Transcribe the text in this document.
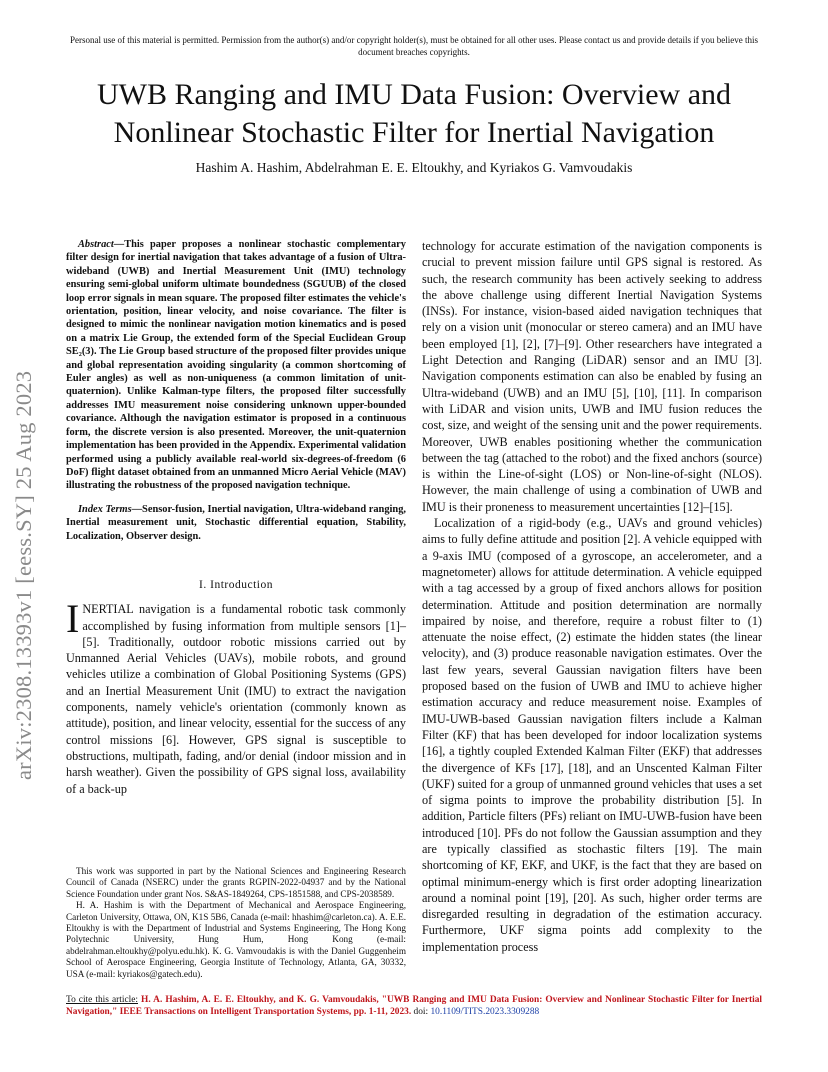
Personal use of this material is permitted. Permission from the author(s) and/or copyright holder(s), must be obtained for all other uses. Please contact us and provide details if you believe this document breaches copyrights.
UWB Ranging and IMU Data Fusion: Overview and Nonlinear Stochastic Filter for Inertial Navigation
Hashim A. Hashim, Abdelrahman E. E. Eltoukhy, and Kyriakos G. Vamvoudakis
arXiv:2308.13393v1 [eess.SY] 25 Aug 2023

Abstract—This paper proposes a nonlinear stochastic complementary filter design for inertial navigation that takes advantage of a fusion of Ultra-wideband (UWB) and Inertial Measurement Unit (IMU) technology ensuring semi-global uniform ultimate boundedness (SGUUB) of the closed loop error signals in mean square. The proposed filter estimates the vehicle's orientation, position, linear velocity, and noise covariance. The filter is designed to mimic the nonlinear navigation motion kinematics and is posed on a matrix Lie Group, the extended form of the Special Euclidean Group SE₂(3). The Lie Group based structure of the proposed filter provides unique and global representation avoiding singularity (a common shortcoming of Euler angles) as well as non-uniqueness (a common limitation of unit-quaternion). Unlike Kalman-type filters, the proposed filter successfully addresses IMU measurement noise considering unknown upper-bounded covariance. Although the navigation estimator is proposed in a continuous form, the discrete version is also presented. Moreover, the unit-quaternion implementation has been provided in the Appendix. Experimental validation performed using a publicly available real-world six-degrees-of-freedom (6 DoF) flight dataset obtained from an unmanned Micro Aerial Vehicle (MAV) illustrating the robustness of the proposed navigation technique.

Index Terms—Sensor-fusion, Inertial navigation, Ultra-wideband ranging, Inertial measurement unit, Stochastic differential equation, Stability, Localization, Observer design.

I. Introduction

INERTIAL navigation is a fundamental robotic task commonly accomplished by fusing information from multiple sensors [1]–[5]. Traditionally, outdoor robotic missions carried out by Unmanned Aerial Vehicles (UAVs), mobile robots, and ground vehicles utilize a combination of Global Positioning Systems (GPS) and an Inertial Measurement Unit (IMU) to extract the navigation components, namely vehicle's orientation (commonly known as attitude), position, and linear velocity, essential for the success of any control missions [6]. However, GPS signal is susceptible to obstructions, multipath, fading, and/or denial (indoor mission and in harsh weather). Given the possibility of GPS signal loss, availability of a back-up

This work was supported in part by the National Sciences and Engineering Research Council of Canada (NSERC) under the grants RGPIN-2022-04937 and by the National Science Foundation under grant Nos. S&AS-1849264, CPS-1851588, and CPS-2038589.

H. A. Hashim is with the Department of Mechanical and Aerospace Engineering, Carleton University, Ottawa, ON, K1S 5B6, Canada (e-mail: hhashim@carleton.ca). A. E.E. Eltoukhy is with the Department of Industrial and Systems Engineering, The Hong Kong Polytechnic University, Hung Hum, Hong Kong (e-mail: abdelrahman.eltoukhy@polyu.edu.hk). K. G. Vamvoudakis is with the Daniel Guggenheim School of Aerospace Engineering, Georgia Institute of Technology, Atlanta, GA, 30332, USA (e-mail: kyriakos@gatech.edu).

technology for accurate estimation of the navigation components is crucial to prevent mission failure until GPS signal is restored. As such, the research community has been actively seeking to address the above challenge using different Inertial Navigation Systems (INSs). For instance, vision-based aided navigation techniques that rely on a vision unit (monocular or stereo camera) and an IMU have been employed [1], [2], [7]–[9]. Other researchers have integrated a Light Detection and Ranging (LiDAR) sensor and an IMU [3]. Navigation components estimation can also be enabled by fusing an Ultra-wideband (UWB) and an IMU [5], [10], [11]. In comparison with LiDAR and vision units, UWB and IMU fusion reduces the cost, size, and weight of the sensing unit and the power requirements. Moreover, UWB enables positioning whether the communication between the tag (attached to the robot) and the fixed anchors (source) is within the Line-of-sight (LOS) or Non-line-of-sight (NLOS). However, the main challenge of using a combination of UWB and IMU is their proneness to measurement uncertainties [12]–[15].

Localization of a rigid-body (e.g., UAVs and ground vehicles) aims to fully define attitude and position [2]. A vehicle equipped with a 9-axis IMU (composed of a gyroscope, an accelerometer, and a magnetometer) allows for attitude determination. A vehicle equipped with a tag accessed by a group of fixed anchors allows for position determination. Attitude and position determination are normally impaired by noise, and therefore, require a robust filter to (1) attenuate the noise effect, (2) estimate the hidden states (the linear velocity), and (3) produce reasonable navigation estimates. Over the last few years, several Gaussian navigation filters have been proposed based on the fusion of UWB and IMU to achieve higher estimation accuracy and reduce measurement noise. Examples of IMU-UWB-based Gaussian navigation filters include a Kalman Filter (KF) that has been developed for indoor localization systems [16], a tightly coupled Extended Kalman Filter (EKF) that addresses the divergence of KFs [17], [18], and an Unscented Kalman Filter (UKF) suited for a group of unmanned ground vehicles that uses a set of sigma points to improve the probability distribution [5]. In addition, Particle filters (PFs) reliant on IMU-UWB-fusion have been introduced [10]. PFs do not follow the Gaussian assumption and they are typically classified as stochastic filters [19]. The main shortcoming of KF, EKF, and UKF, is the fact that they are based on optimal minimum-energy which is first order adopting linearization around a nominal point [19], [20]. As such, higher order terms are disregarded resulting in degradation of the estimation accuracy. Furthermore, UKF sigma points add complexity to the implementation process

To cite this article: H. A. Hashim, A. E. E. Eltoukhy, and K. G. Vamvoudakis, "UWB Ranging and IMU Data Fusion: Overview and Nonlinear Stochastic Filter for Inertial Navigation," IEEE Transactions on Intelligent Transportation Systems, pp. 1-11, 2023. doi: 10.1109/TITS.2023.3309288
